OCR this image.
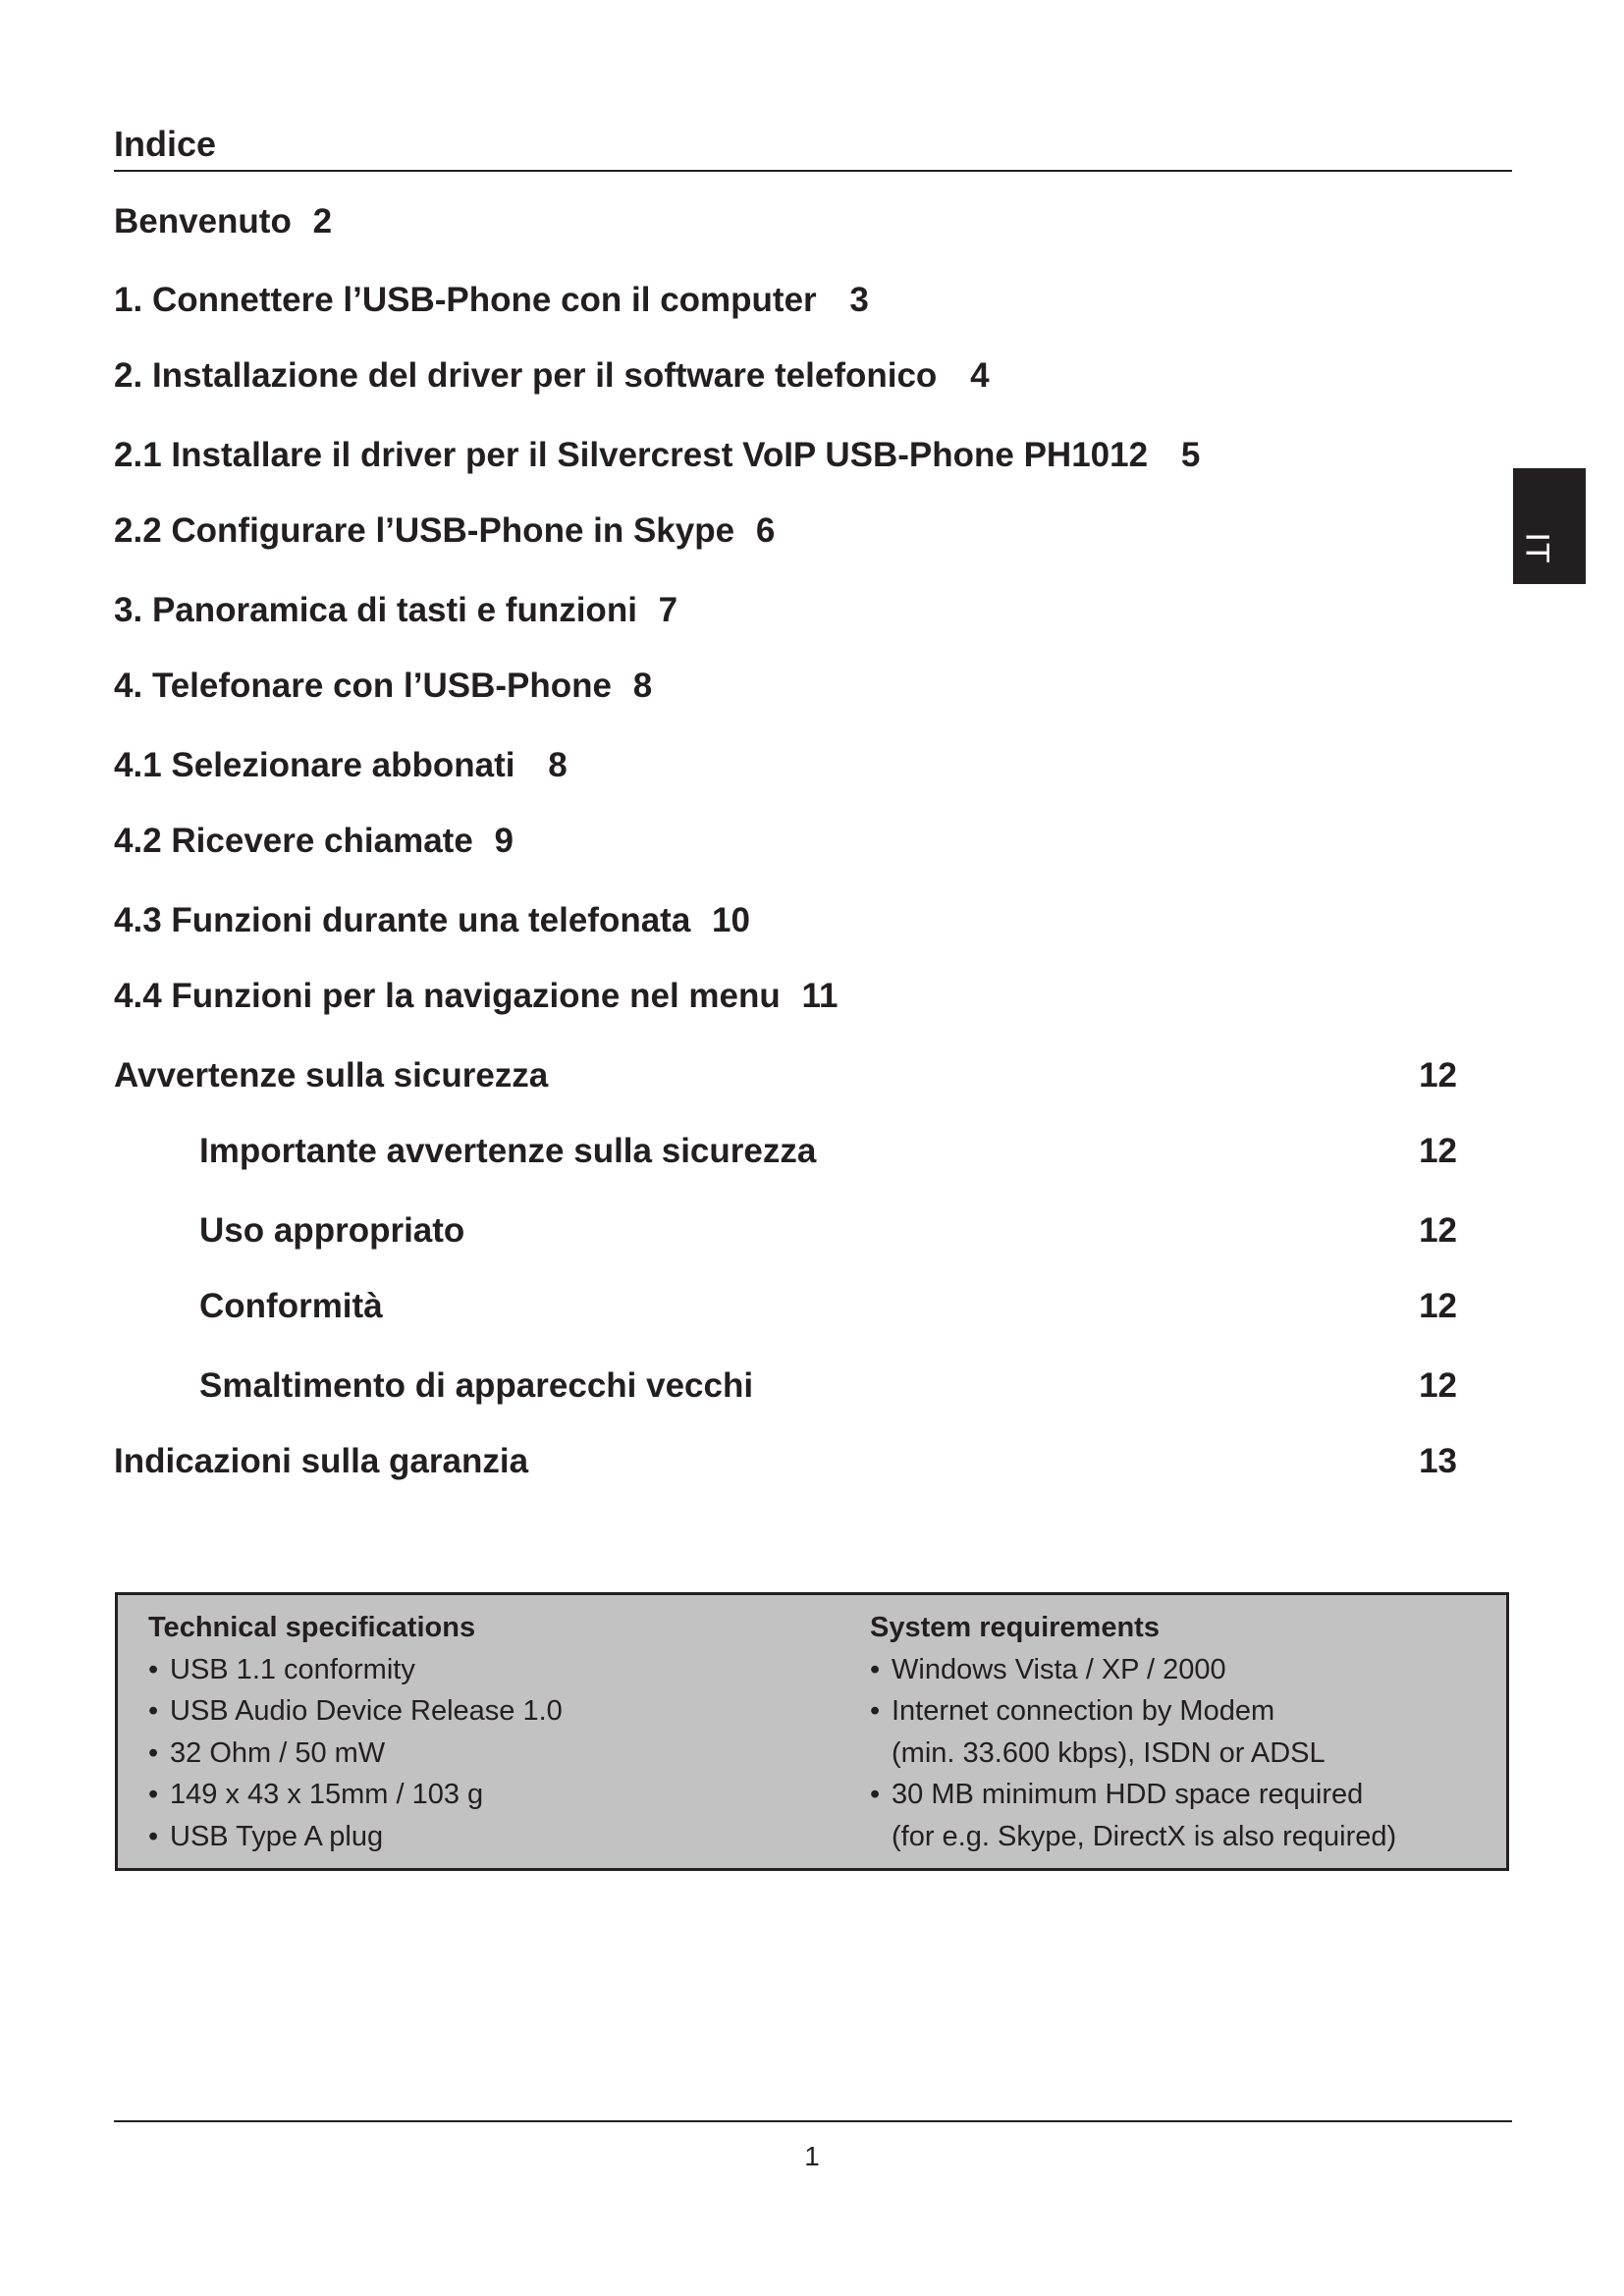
Indice
Benvenuto 2
1. Connettere l’USB-Phone con il computer 3
2. Installazione del driver per il software telefonico 4
2.1 Installare il driver per il Silvercrest VoIP USB-Phone PH1012 5
2.2 Configurare l’USB-Phone in Skype 6
3. Panoramica di tasti e funzioni 7
4. Telefonare con l’USB-Phone 8
4.1 Selezionare abbonati 8
4.2 Ricevere chiamate 9
4.3 Funzioni durante una telefonata 10
4.4 Funzioni per la navigazione nel menu 11
Avvertenze sulla sicurezza	12
Importante avvertenze sulla sicurezza	12
Uso appropriato	12
Conformità	12
Smaltimento di apparecchi vecchi	12
Indicazioni sulla garanzia	13
IT
Technical specifications
• USB 1.1 conformity
• USB Audio Device Release 1.0
• 32 Ohm / 50 mW
• 149 x 43 x 15mm / 103 g
• USB Type A plug
System requirements
• Windows Vista / XP / 2000
• Internet connection by Modem
(min. 33.600 kbps), ISDN or ADSL
• 30 MB minimum HDD space required
(for e.g. Skype, DirectX is also required)
1
